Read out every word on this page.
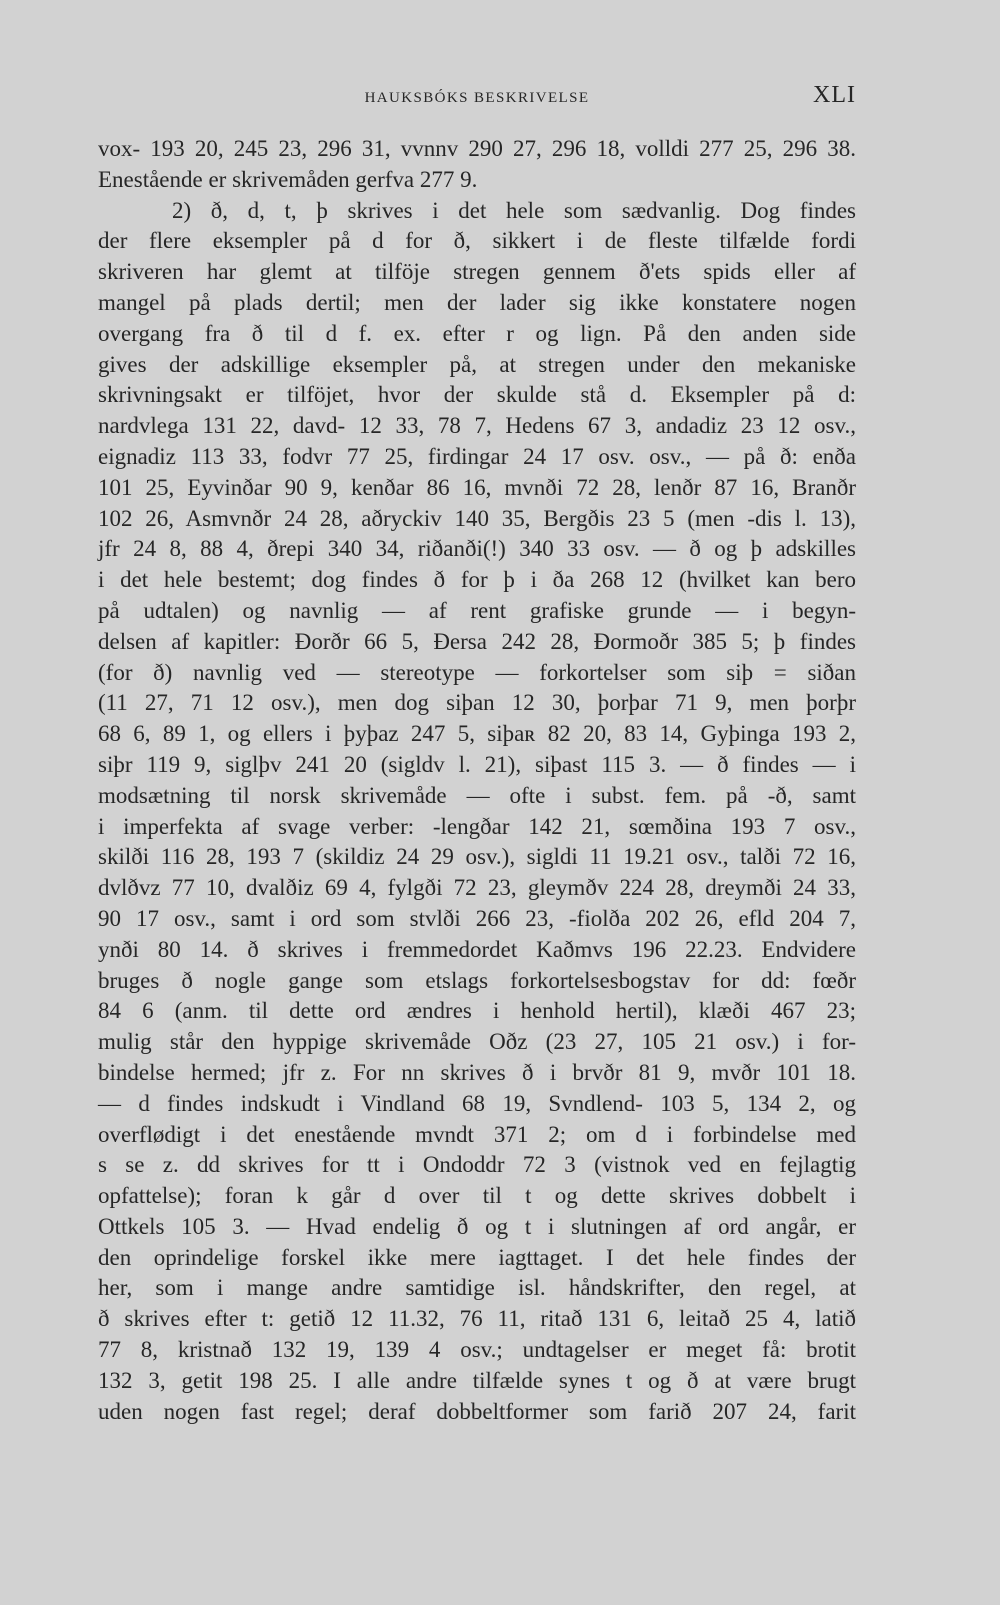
HAUKSBÓKS BESKRIVELSE	XLI
vox- 193 20, 245 23, 296 31, vvnnv 290 27, 296 18, volldi 277 25, 296 38.
Enestående er skrivemåden gerfva 277 9.
2) ð, d, t, þ skrives i det hele som sædvanlig. Dog findes
der flere eksempler på d for ð, sikkert i de fleste tilfælde fordi
skriveren har glemt at tilföje stregen gennem ð'ets spids eller af
mangel på plads dertil; men der lader sig ikke konstatere nogen
overgang fra ð til d f. ex. efter r og lign. På den anden side
gives der adskillige eksempler på, at stregen under den mekaniske
skrivningsakt er tilföjet, hvor der skulde stå d. Eksempler på d:
nardvlega 131 22, davd- 12 33, 78 7, Hedens 67 3, andadiz 23 12 osv.,
eignadiz 113 33, fodvr 77 25, firdingar 24 17 osv. osv., — på ð: enða
101 25, Eyvinðar 90 9, kenðar 86 16, mvnði 72 28, lenðr 87 16, Branðr
102 26, Asmvnðr 24 28, aðryckiv 140 35, Bergðis 23 5 (men -dis l. 13),
jfr 24 8, 88 4, ðrepi 340 34, riðanði(!) 340 33 osv. — ð og þ adskilles
i det hele bestemt; dog findes ð for þ i ða 268 12 (hvilket kan bero
på udtalen) og navnlig — af rent grafiske grunde — i begyn-
delsen af kapitler: Ðorðr 66 5, Ðersa 242 28, Ðormoðr 385 5; þ findes
(for ð) navnlig ved — stereotype — forkortelser som siþ = siðan
(11 27, 71 12 osv.), men dog siþan 12 30, þorþar 71 9, men þorþr
68 6, 89 1, og ellers i þyþaz 247 5, siþaʀ 82 20, 83 14, Gyþinga 193 2,
siþr 119 9, siglþv 241 20 (sigldv l. 21), siþast 115 3. — ð findes — i
modsætning til norsk skrivemåde — ofte i subst. fem. på -ð, samt
i imperfekta af svage verber: -lengðar 142 21, sœmðina 193 7 osv.,
skilði 116 28, 193 7 (skildiz 24 29 osv.), sigldi 11 19.21 osv., talði 72 16,
dvlðvz 77 10, dvalðiz 69 4, fylgði 72 23, gleymðv 224 28, dreymði 24 33,
90 17 osv., samt i ord som stvlði 266 23, -fiolða 202 26, efld 204 7,
ynði 80 14. ð skrives i fremmedordet Kaðmvs 196 22.23. Endvidere
bruges ð nogle gange som etslags forkortelsesbogstav for dd: fœðr
84 6 (anm. til dette ord ændres i henhold hertil), klæði 467 23;
mulig står den hyppige skrivemåde Oðz (23 27, 105 21 osv.) i for-
bindelse hermed; jfr z. For nn skrives ð i brvðr 81 9, mvðr 101 18.
— d findes indskudt i Vindland 68 19, Svndlend- 103 5, 134 2, og
overflødigt i det enestående mvndt 371 2; om d i forbindelse med
s se z. dd skrives for tt i Ondoddr 72 3 (vistnok ved en fejlagtig
opfattelse); foran k går d over til t og dette skrives dobbelt i
Ottkels 105 3. — Hvad endelig ð og t i slutningen af ord angår, er
den oprindelige forskel ikke mere iagttaget. I det hele findes der
her, som i mange andre samtidige isl. håndskrifter, den regel, at
ð skrives efter t: getið 12 11.32, 76 11, ritað 131 6, leitað 25 4, latið
77 8, kristnað 132 19, 139 4 osv.; undtagelser er meget få: brotit
132 3, getit 198 25. I alle andre tilfælde synes t og ð at være brugt
uden nogen fast regel; deraf dobbeltformer som farið 207 24, farit
